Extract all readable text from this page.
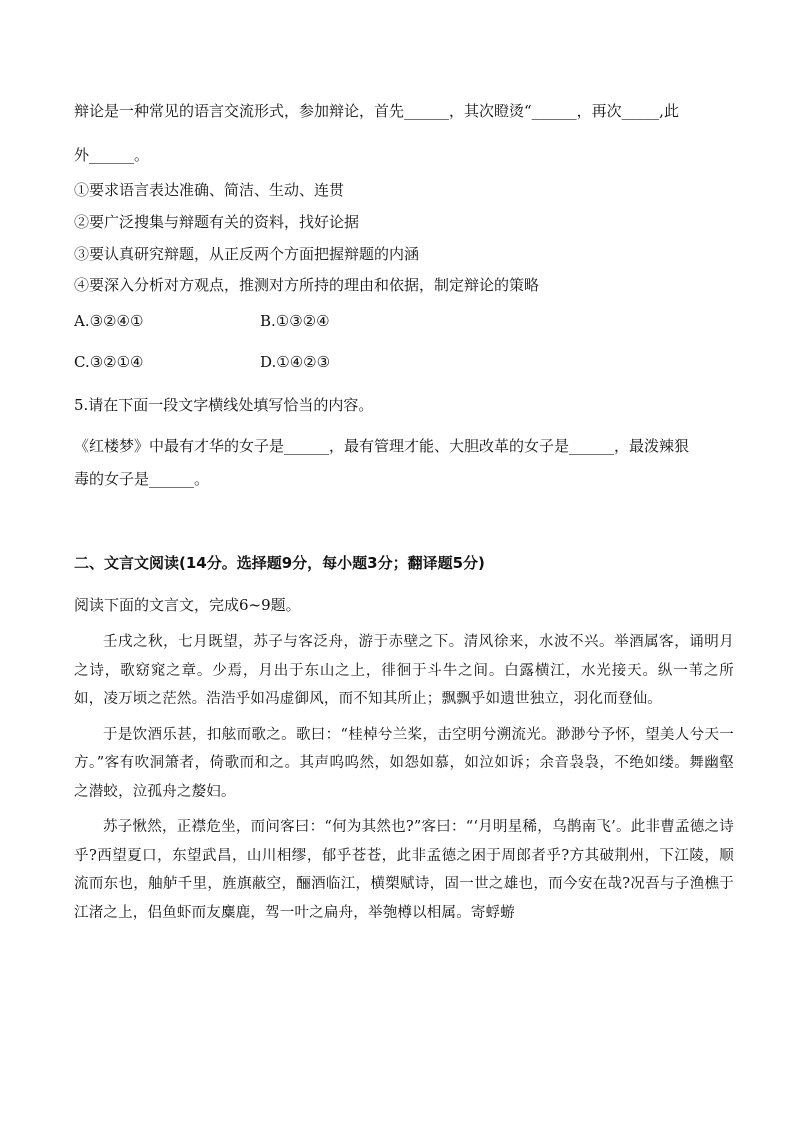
辩论是一种常见的语言交流形式，参加辩论，首先______，其次瞪烫“______，再次_____,此
外______。
①要求语言表达准确、简洁、生动、连贯
②要广泛搜集与辩题有关的资料，找好论据
③要认真研究辩题，从正反两个方面把握辩题的内涵
④要深入分析对方观点，推测对方所持的理由和依据，制定辩论的策略
A.③②④①	B.①③②④
C.③②①④	D.①④②③
5.请在下面一段文字横线处填写恰当的内容。
《红楼梦》中最有才华的女子是______，最有管理才能、大胆改革的女子是______，最泼辣狠
毒的女子是______。
二、文言文阅读(14分。选择题9分，每小题3分；翻译题5分)
阅读下面的文言文，完成6~9题。

壬戌之秋，七月既望，苏子与客泛舟，游于赤壁之下。清风徐来，水波不兴。举酒属客，诵明月之诗，歌窈窕之章。少焉，月出于东山之上，徘徊于斗牛之间。白露横江，水光接天。纵一苇之所如，凌万顷之茫然。浩浩乎如冯虚御风，而不知其所止；飘飘乎如遗世独立，羽化而登仙。

于是饮酒乐甚，扣舷而歌之。歌曰：“桂棹兮兰桨，击空明兮溯流光。渺渺兮予怀，望美人兮天一方。”客有吹洞箫者，倚歌而和之。其声呜呜然，如怨如慕，如泣如诉；余音袅袅，不绝如缕。舞幽壑之潜蛟，泣孤舟之嫠妇。

苏子愀然，正襟危坐，而问客曰：“何为其然也?”客曰：“‘月明星稀，乌鹊南飞’。此非曹孟德之诗乎?西望夏口，东望武昌，山川相缪，郁乎苍苍，此非孟德之困于周郎者乎?方其破荆州，下江陵，顺流而东也，舳舻千里，旌旗蔽空，酾酒临江，横槊赋诗，固一世之雄也，而今安在哉?况吾与子渔樵于江渚之上，侣鱼虾而友麋鹿，驾一叶之扁舟，举匏樽以相属。寄蜉蝣
